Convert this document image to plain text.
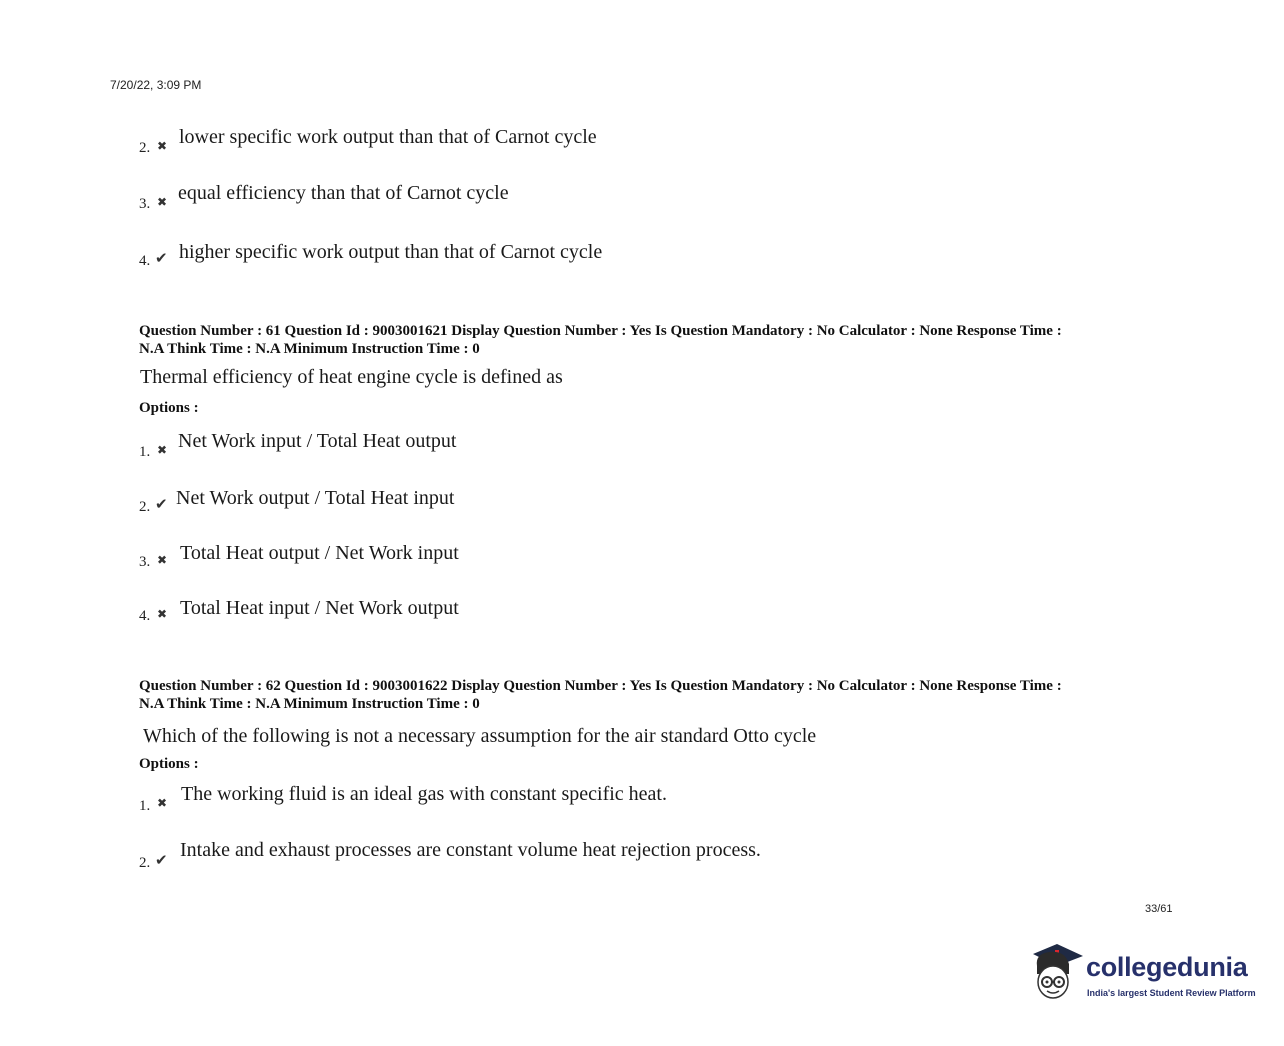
7/20/22, 3:09 PM
2. ✖ lower specific work output than that of Carnot cycle
3. ✖ equal efficiency than that of Carnot cycle
4. ✔ higher specific work output than that of Carnot cycle
Question Number : 61 Question Id : 9003001621 Display Question Number : Yes Is Question Mandatory : No Calculator : None Response Time :
N.A Think Time : N.A Minimum Instruction Time : 0
Thermal efficiency of heat engine cycle is defined as
Options :
1. ✖ Net Work input / Total Heat output
2. ✔ Net Work output / Total Heat input
3. ✖ Total Heat output / Net Work input
4. ✖ Total Heat input / Net Work output
Question Number : 62 Question Id : 9003001622 Display Question Number : Yes Is Question Mandatory : No Calculator : None Response Time :
N.A Think Time : N.A Minimum Instruction Time : 0
Which of the following is not a necessary assumption for the air standard Otto cycle
Options :
1. ✖ The working fluid is an ideal gas with constant specific heat.
2. ✔ Intake and exhaust processes are constant volume heat rejection process.
33/61
collegedunia
India's largest Student Review Platform
